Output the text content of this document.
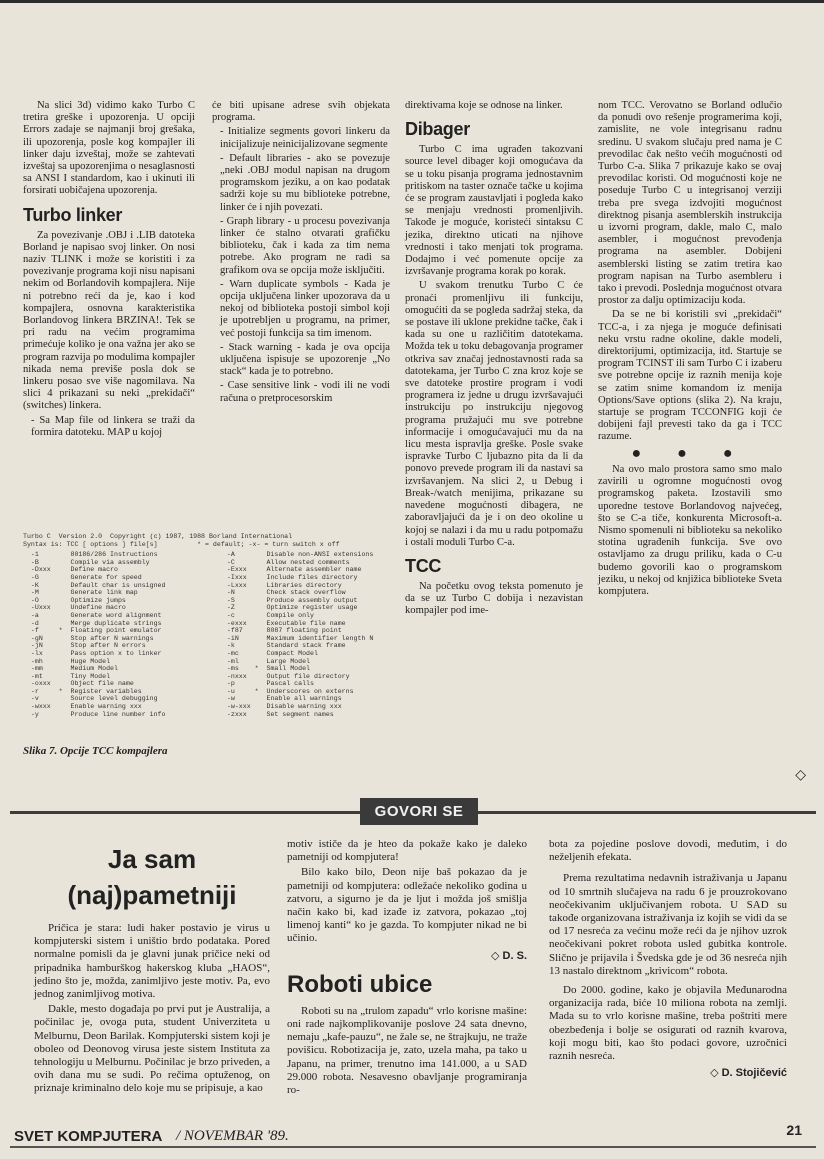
Na slici 3d) vidimo kako Turbo C tretira greške i upozorenja. U opciji Errors zadaje se najmanji broj grešaka, ili upozorenja, posle kog kompajler ili linker daju izveštaj, može se zahtevati izveštaj sa upozorenjima o nesaglasnosti sa ANSI I standardom, kao i ukinuti ili forsirati uobičajena upozorenja.

Turbo linker

Za povezivanje .OBJ i .LIB datoteka Borland je napisao svoj linker. On nosi naziv TLINK i može se koristiti i za povezivanje programa koji nisu napisani nekim od Borlandovih kompajlera. Nije ni potrebno reći da je, kao i kod kompajlera, osnovna karakteristika Borlandovog linkera BRZINA!. Tek se pri radu na većim programima primećuje koliko je ona važna jer ako se program razvija po modulima kompajler nikada nema previše posla dok se linkeru posao sve više nagomilava. Na slici 4 prikazani su neki „prekidači“ (switches) linkera.

- Sa Map file od linkera se traži da formira datoteku. MAP u kojoj

će biti upisane adrese svih objekata programa.

- Initialize segments govori linkeru da inicijalizuje neinicijalizovane segmente

- Default libraries - ako se povezuje „neki .OBJ modul napisan na drugom programskom jeziku, a on kao podatak sadrži koje su mu biblioteke potrebne, linker će i njih povezati.

- Graph library - u procesu povezivanja linker će stalno otvarati grafičku biblioteku, čak i kada za tim nema potrebe. Ako program ne radi sa grafikom ova se opcija može isključiti.

- Warn duplicate symbols - Kada je opcija uključena linker upozorava da u nekoj od biblioteka postoji simbol koji je upotrebljen u programu, na primer, već postoji funkcija sa tim imenom.

- Stack warning - kada je ova opcija uključena ispisuje se upozorenje „No stack“ kada je to potrebno.

- Case sensitive link - vodi ili ne vodi računa o pretprocesorskim

Turbo C  Version 2.0  Copyright (c) 1987, 1988 Borland International
Syntax is: TCC [ options ] file[s]          * = default; -x- = turn switch x off
-1        80186/286 Instructions
-B        Compile via assembly
-Dxxx     Define macro
-G        Generate for speed
-K        Default char is unsigned
-M        Generate link map
-O        Optimize jumps
-Uxxx     Undefine macro
-a        Generate word alignment
-d        Merge duplicate strings
-f     *  Floating point emulator
-gN       Stop after N warnings
-jN       Stop after N errors
-lx       Pass option x to linker
-mh       Huge Model
-mm       Medium Model
-mt       Tiny Model
-oxxx     Object file name
-r     *  Register variables
-v        Source level debugging
-wxxx     Enable warning xxx
-y        Produce line number info
-A        Disable non-ANSI extensions
-C        Allow nested comments
-Exxx     Alternate assembler name
-Ixxx     Include files directory
-Lxxx     Libraries directory
-N        Check stack overflow
-S        Produce assembly output
-Z        Optimize register usage
-c        Compile only
-exxx     Executable file name
-f87      8087 floating point
-iN       Maximum identifier length N
-k        Standard stack frame
-mc       Compact Model
-ml       Large Model
-ms    *  Small Model
-nxxx     Output file directory
-p        Pascal calls
-u     *  Underscores on externs
-w        Enable all warnings
-w-xxx    Disable warning xxx
-zxxx     Set segment names
Slika 7. Opcije TCC kompajlera

direktivama koje se odnose na linker.

Dibager

Turbo C ima ugrađen takozvani source level dibager koji omogućava da se u toku pisanja programa jednostavnim pritiskom na taster označe tačke u kojima će se program zaustavljati i pogleda kako se menjaju vrednosti promenljivih. Takođe je moguće, koristeći sintaksu C jezika, direktno uticati na njihove vrednosti i tako menjati tok programa. Dodajmo i već pomenute opcije za izvršavanje programa korak po korak.

U svakom trenutku Turbo C će pronaći promenljivu ili funkciju, omogućiti da se pogleda sadržaj steka, da se postave ili uklone prekidne tačke, čak i kada su one u različitim datotekama. Možda tek u toku debagovanja programer otkriva sav značaj jednostavnosti rada sa datotekama, jer Turbo C zna kroz koje se sve datoteke prostire program i vodi programera iz jedne u drugu izvršavajući instrukciju po instrukciju njegovog programa pružajući mu sve potrebne informacije i omogućavajući mu da na licu mesta ispravlja greške. Posle svake ispravke Turbo C ljubazno pita da li da ponovo prevede program ili da nastavi sa izvršavanjem. Na slici 2, u Debug i Break-/watch menijima, prikazane su navedene mogućnosti dibagera, ne zaboravljajući da je i on deo okoline u kojoj se nalazi i da mu u radu potpomažu i ostali moduli Turbo C-a.

TCC

Na početku ovog teksta pomenuto je da se uz Turbo C dobija i nezavistan kompajler pod ime-

nom TCC. Verovatno se Borland odlučio da ponudi ovo rešenje programerima koji, zamislite, ne vole integrisanu radnu sredinu. U svakom slučaju pred nama je C prevodilac čak nešto većih mogućnosti od Turbo C-a. Slika 7 prikazuje kako se ovaj prevodilac koristi. Od mogućnosti koje ne poseduje Turbo C u integrisanoj verziji treba pre svega izdvojiti mogućnost direktnog pisanja asemblerskih instrukcija u izvorni program, dakle, malo C, malo asembler, i mogućnost prevođenja programa na asembler. Dobijeni asemblerski listing se zatim tretira kao program napisan na Turbo asembleru i tako i prevodi. Poslednja mogućnost otvara prostor za dalju optimizaciju koda.

Da se ne bi koristili svi „prekidači“ TCC-a, i za njega je moguće definisati neku vrstu radne okoline, dakle modeli, direktorijumi, optimizacija, itd. Startuje se program TCINST ili sam Turbo C i izaberu sve potrebne opcije iz raznih menija koje se zatim snime komandom iz menija Options/Save options (slika 2). Na kraju, startuje se program TCCONFIG koji će dobijeni fajl prevesti tako da ga i TCC razume.

● ● ●

Na ovo malo prostora samo smo malo zavirili u ogromne mogućnosti ovog programskog paketa. Izostavili smo uporedne testove Borlandovog najvećeg, što se C-a tiče, konkurenta Microsoft-a. Nismo spomenuli ni biblioteku sa nekoliko stotina ugrađenih funkcija. Sve ovo ostavljamo za drugu priliku, kada o C-u budemo govorili kao o programskom jeziku, u nekoj od knjižica biblioteke Sveta kompjutera.

◇
GOVORI SE
Ja sam
(naj)pametniji

Pričica je stara: ludi haker postavio je virus u kompjuterski sistem i uništio brdo podataka. Pored normalne pomisli da je glavni junak pričice neki od pripadnika hamburškog hakerskog kluba „HAOS“, jedino što je, možda, zanimljivo jeste motiv. Pa, evo jednog zanimljivog motiva.

Dakle, mesto događaja po prvi put je Australija, a počinilac je, ovoga puta, student Univerziteta u Melburnu, Deon Barilak. Kompjuterski sistem koji je oboleo od Deonovog virusa jeste sistem Instituta za tehnologiju u Melburnu. Počinilac je brzo priveden, a ovih dana mu se sudi. Po rečima optuženog, on priznaje kriminalno delo koje mu se pripisuje, a kao

motiv ističe da je hteo da pokaže kako je daleko pametniji od kompjutera!

Bilo kako bilo, Deon nije baš pokazao da je pametniji od kompjutera: odležaće nekoliko godina u zatvoru, a sigurno je da je ljut i možda još smišlja način kako bi, kad izađe iz zatvora, pokazao „toj limenoj kanti“ ko je gazda. To kompjuter nikad ne bi učinio.

◇ D. S.
Roboti ubice

Roboti su na „trulom zapadu“ vrlo korisne mašine: oni rade najkomplikovanije poslove 24 sata dnevno, nemaju „kafe-pauzu“, ne žale se, ne štrajkuju, ne traže povišicu. Robotizacija je, zato, uzela maha, pa tako u Japanu, na primer, trenutno ima 141.000, a u SAD 29.000 robota. Nesavesno obavljanje programiranja ro-

bota za pojedine poslove dovodi, međutim, i do neželjenih efekata.

Prema rezultatima nedavnih istraživanja u Japanu od 10 smrtnih slučajeva na radu 6 je prouzrokovano neočekivanim uključivanjem robota. U SAD su takođe organizovana istraživanja iz kojih se vidi da se od 17 nesreća za većinu može reći da je njihov uzrok neočekivani pokret robota usled gubitka kontrole. Slično je prijavila i Švedska gde je od 36 nesreća njih 13 nastalo direktnom „krivicom“ robota.

Do 2000. godine, kako je objavila Međunarodna organizacija rada, biće 10 miliona robota na zemlji. Mada su to vrlo korisne mašine, treba poštriti mere obezbeđenja i bolje se osigurati od raznih kvarova, koji mogu biti, kao što podaci govore, uzročnici raznih nesreća.

◇ D. Stojičević
SVET KOMPJUTERA / NOVEMBAR '89.	21
